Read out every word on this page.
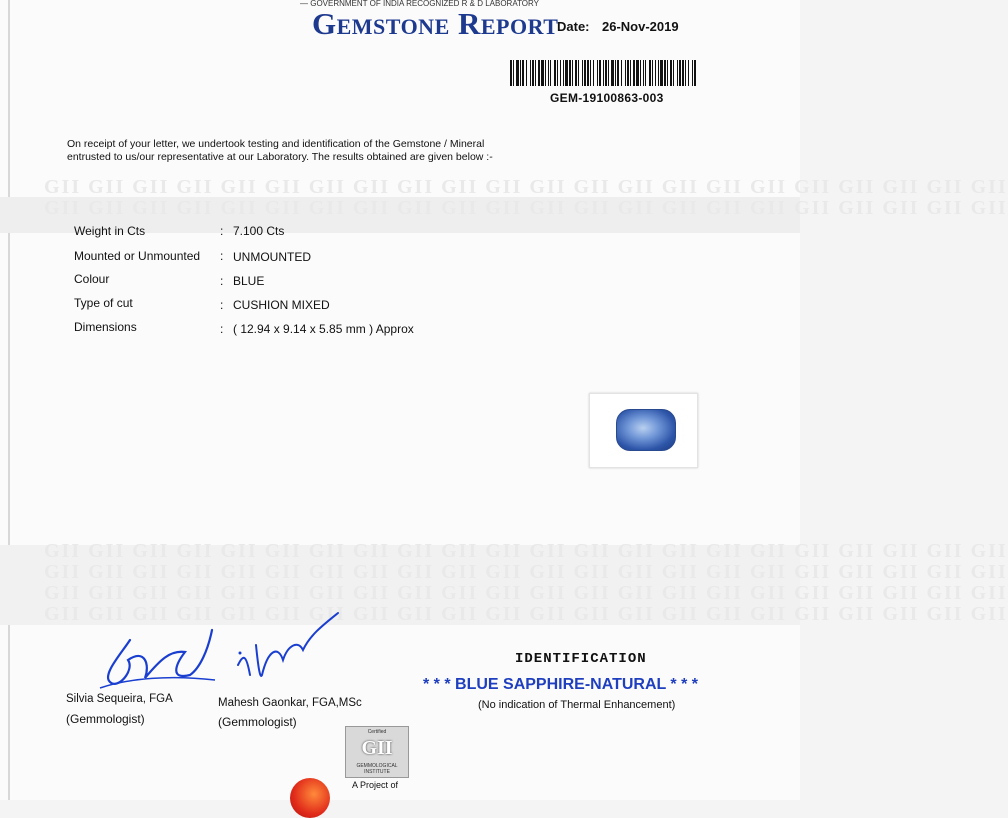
— GOVERNMENT OF INDIA RECOGNIZED R & D LABORATORY
Gemstone Report
Date: 26-Nov-2019
GEM-19100863-003
On receipt of your letter, we undertook testing and identification of the Gemstone / Mineral
entrusted to us/our representative at our Laboratory. The results obtained are given below :-
GII GII GII GII GII GII GII GII GII GII GII GII GII GII GII GII GII GII GII GII GII GII
GII GII GII GII GII GII GII GII GII GII GII GII GII GII GII GII GII GII GII GII GII GII
Weight in Cts	: 7.100 Cts
Mounted or Unmounted : UNMOUNTED
Colour	: BLUE
Type of cut	: CUSHION MIXED
Dimensions	: ( 12.94 x 9.14 x 5.85 mm ) Approx
GII GII GII GII GII GII GII GII GII GII GII GII GII GII GII GII GII GII GII GII GII GII
GII GII GII GII GII GII GII GII GII GII GII GII GII GII GII GII GII GII GII GII GII GII
GII GII GII GII GII GII GII GII GII GII GII GII GII GII GII GII GII GII GII GII GII GII
GII GII GII GII GII GII GII GII GII GII GII GII GII GII GII GII GII GII GII GII GII GII
Silvia Sequeira, FGA
(Gemmologist)
Mahesh Gaonkar, FGA,MSc
(Gemmologist)
IDENTIFICATION
* * * BLUE SAPPHIRE-NATURAL * * *
(No indication of Thermal Enhancement)
Certified
GII
GEMMOLOGICAL INSTITUTE
A Project of
